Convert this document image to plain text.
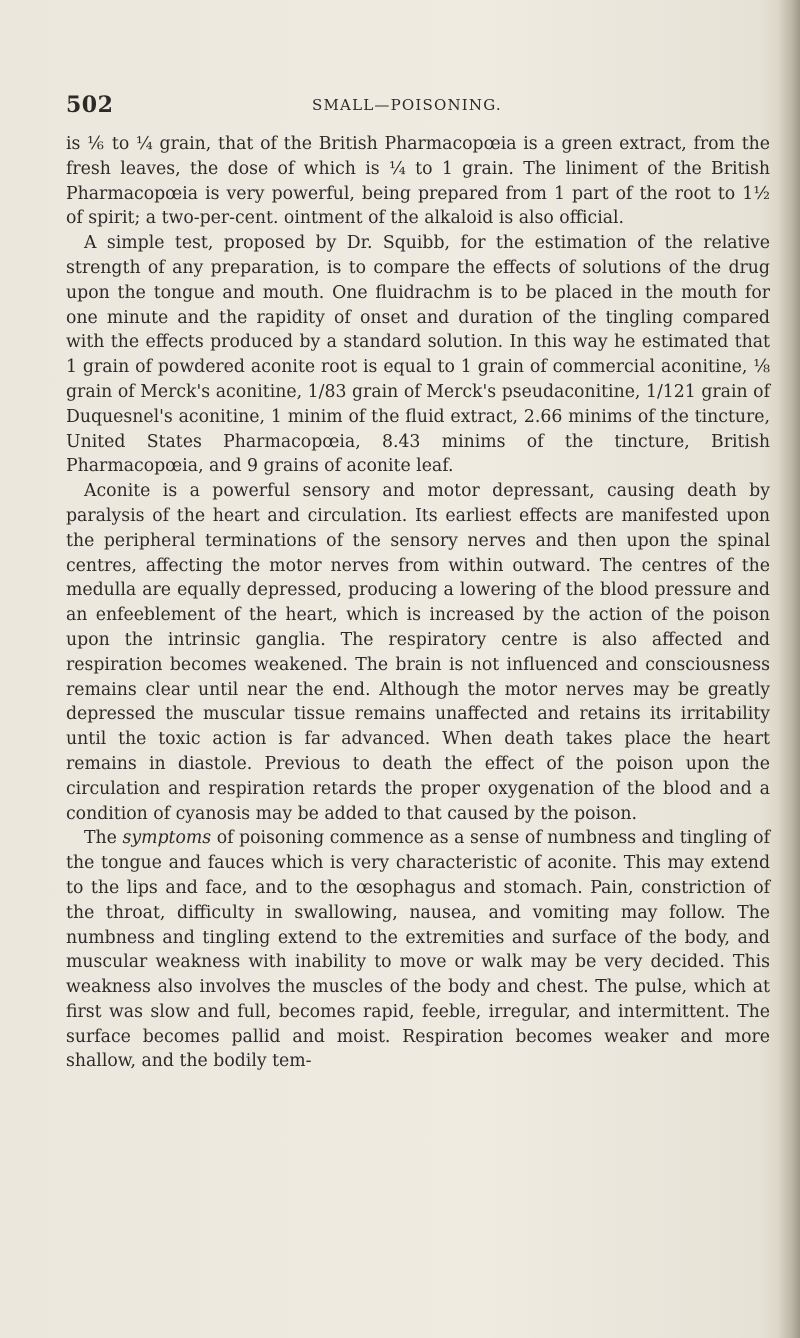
502	SMALL—POISONING.

is ⅙ to ¼ grain, that of the British Pharmacopœia is a green extract, from the fresh leaves, the dose of which is ¼ to 1 grain. The liniment of the British Pharmacopœia is very powerful, being prepared from 1 part of the root to 1½ of spirit; a two-per-cent. ointment of the alkaloid is also official.

A simple test, proposed by Dr. Squibb, for the estimation of the relative strength of any preparation, is to compare the effects of solutions of the drug upon the tongue and mouth. One fluidrachm is to be placed in the mouth for one minute and the rapidity of onset and duration of the tingling compared with the effects produced by a standard solution. In this way he estimated that 1 grain of powdered aconite root is equal to 1 grain of commercial aconitine, ⅛ grain of Merck's aconitine, 1/83 grain of Merck's pseudaconitine, 1/121 grain of Duquesnel's aconitine, 1 minim of the fluid extract, 2.66 minims of the tincture, United States Pharmacopœia, 8.43 minims of the tincture, British Pharmacopœia, and 9 grains of aconite leaf.

Aconite is a powerful sensory and motor depressant, causing death by paralysis of the heart and circulation. Its earliest effects are manifested upon the peripheral terminations of the sensory nerves and then upon the spinal centres, affecting the motor nerves from within outward. The centres of the medulla are equally depressed, producing a lowering of the blood pressure and an enfeeblement of the heart, which is increased by the action of the poison upon the intrinsic ganglia. The respiratory centre is also affected and respiration becomes weakened. The brain is not influenced and consciousness remains clear until near the end. Although the motor nerves may be greatly depressed the muscular tissue remains unaffected and retains its irritability until the toxic action is far advanced. When death takes place the heart remains in diastole. Previous to death the effect of the poison upon the circulation and respiration retards the proper oxygenation of the blood and a condition of cyanosis may be added to that caused by the poison.

The symptoms of poisoning commence as a sense of numbness and tingling of the tongue and fauces which is very characteristic of aconite. This may extend to the lips and face, and to the œsophagus and stomach. Pain, constriction of the throat, difficulty in swallowing, nausea, and vomiting may follow. The numbness and tingling extend to the extremities and surface of the body, and muscular weakness with inability to move or walk may be very decided. This weakness also involves the muscles of the body and chest. The pulse, which at first was slow and full, becomes rapid, feeble, irregular, and intermittent. The surface becomes pallid and moist. Respiration becomes weaker and more shallow, and the bodily tem-
